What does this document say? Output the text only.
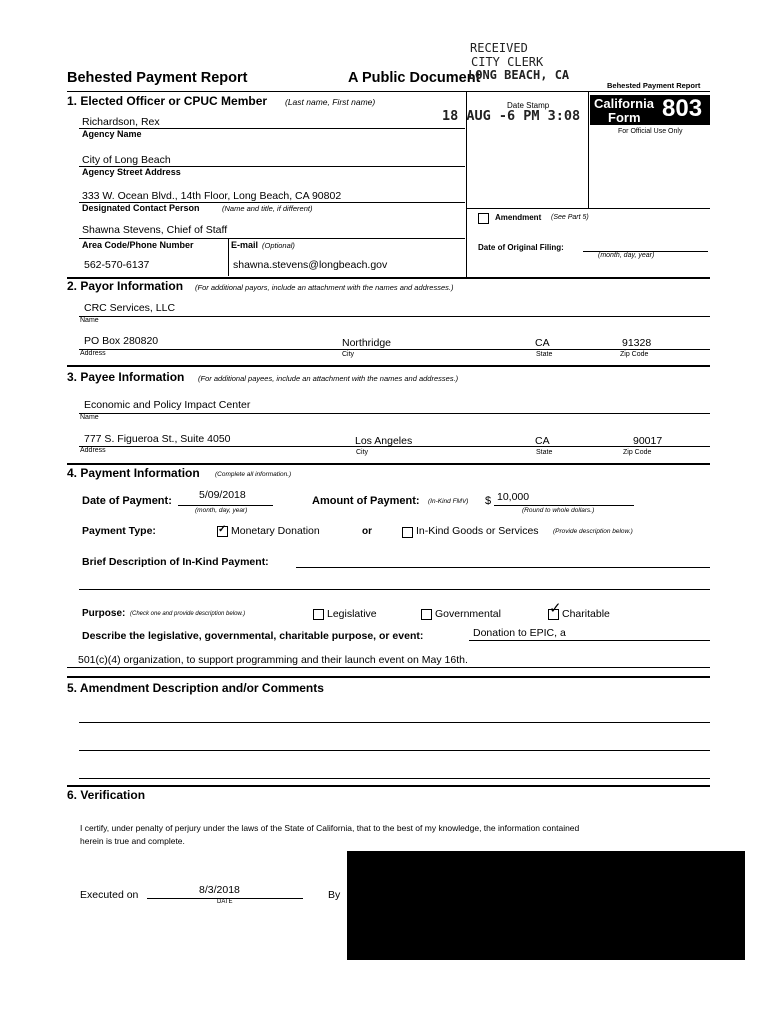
Behested Payment Report	A Public Document	Behested Payment Report
RECEIVED
CITY CLERK
LONG BEACH, CA
Date Stamp
18 AUG -6 PM 3:08
California
Form 803
For Official Use Only
1. Elected Officer or CPUC Member (Last name, First name)
Richardson, Rex
Agency Name
City of Long Beach
Agency Street Address
333 W. Ocean Blvd., 14th Floor, Long Beach, CA 90802
Designated Contact Person	(Name and title, if different)
Shawna Stevens, Chief of Staff
Area Code/Phone Number	E-mail (Optional)
562-570-6137	shawna.stevens@longbeach.gov
Amendment (See Part 5)
Date of Original Filing:
(month, day, year)
2. Payor Information (For additional payors, include an attachment with the names and addresses.)
CRC Services, LLC
Name
PO Box 280820	Northridge	CA	91328
Address	City	State	Zip Code
3. Payee Information (For additional payees, include an attachment with the names and addresses.)
Economic and Policy Impact Center
Name
777 S. Figueroa St., Suite 4050	Los Angeles	CA	90017
Address	City	State	Zip Code
4. Payment Information (Complete all information.)
Date of Payment:	5/09/2018
(month, day, year)
Amount of Payment: (In-Kind FMV) $ 10,000
(Round to whole dollars.)
Payment Type:	✓ Monetary Donation	or	In-Kind Goods or Services (Provide description below.)
Brief Description of In-Kind Payment:
Purpose: (Check one and provide description below.)	Legislative	Governmental	✓ Charitable
Describe the legislative, governmental, charitable purpose, or event:	Donation to EPIC, a
501(c)(4) organization, to support programming and their launch event on May 16th.
5. Amendment Description and/or Comments
6. Verification
I certify, under penalty of perjury under the laws of the State of California, that to the best of my knowledge, the information contained
herein is true and complete.
Executed on	8/3/2018
DATE
By
